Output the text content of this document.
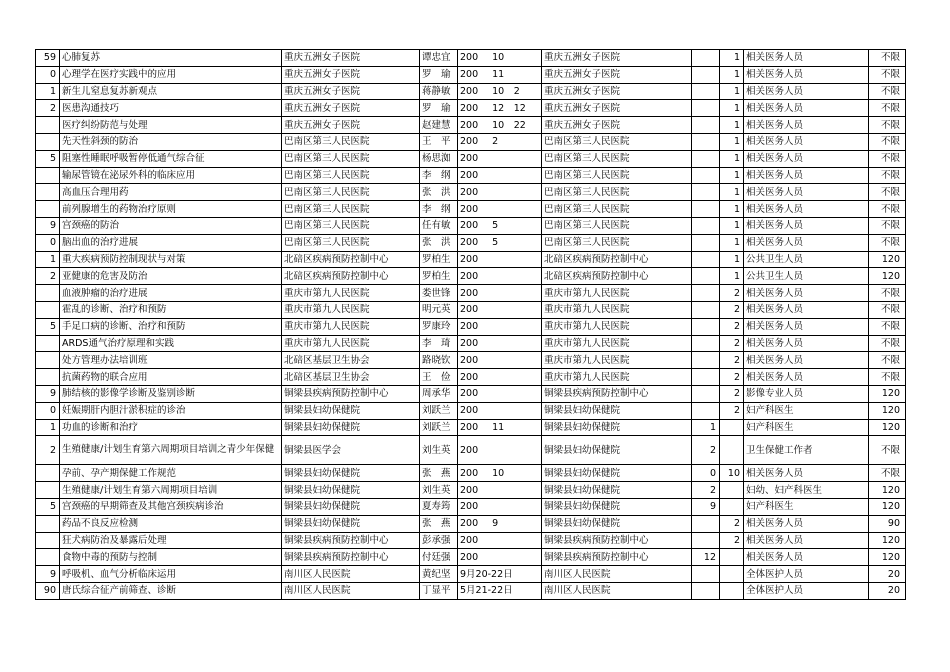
59	心肺复苏	重庆五洲女子医院	谭忠宜	200 10	重庆五洲女子医院		1	相关医务人员	不限
0	心理学在医疗实践中的应用	重庆五洲女子医院	罗　瑜	200 11	重庆五洲女子医院		1	相关医务人员	不限
1	新生儿窒息复苏新观点	重庆五洲女子医院	蒋静敏	200 10　2	重庆五洲女子医院		1	相关医务人员	不限
2	医患沟通技巧	重庆五洲女子医院	罗　瑜	200 12　12	重庆五洲女子医院		1	相关医务人员	不限
	医疗纠纷防范与处理	重庆五洲女子医院	赵建慧	200 10　22	重庆五洲女子医院		1	相关医务人员	不限
	先天性斜颈的防治	巴南区第三人民医院	王　平	200 2	巴南区第三人民医院		1	相关医务人员	不限
5	阻塞性睡眠呼吸暂停低通气综合征	巴南区第三人民医院	杨思洳	200	巴南区第三人民医院		1	相关医务人员	不限
	输尿管镜在泌尿外科的临床应用	巴南区第三人民医院	李　纲	200	巴南区第三人民医院		1	相关医务人员	不限
	高血压合理用药	巴南区第三人民医院	张　洪	200	巴南区第三人民医院		1	相关医务人员	不限
	前列腺增生的药物治疗原则	巴南区第三人民医院	李　纲	200	巴南区第三人民医院		1	相关医务人员	不限
9	宫颈癌的防治	巴南区第三人民医院	任有敏	200 5	巴南区第三人民医院		1	相关医务人员	不限
0	脑出血的治疗进展	巴南区第三人民医院	张　洪	200 5	巴南区第三人民医院		1	相关医务人员	不限
1	重大疾病预防控制现状与对策	北碚区疾病预防控制中心	罗柏生	200	北碚区疾病预防控制中心		1	公共卫生人员	120
2	亚健康的危害及防治	北碚区疾病预防控制中心	罗柏生	200	北碚区疾病预防控制中心		1	公共卫生人员	120
	血液肿瘤的治疗进展	重庆市第九人民医院	娄世锋	200	重庆市第九人民医院		2	相关医务人员	不限
	霍乱的诊断、治疗和预防	重庆市第九人民医院	明元英	200	重庆市第九人民医院		2	相关医务人员	不限
5	手足口病的诊断、治疗和预防	重庆市第九人民医院	罗康玲	200	重庆市第九人民医院		2	相关医务人员	不限
	ARDS通气治疗原理和实践	重庆市第九人民医院	李　琦	200	重庆市第九人民医院		2	相关医务人员	不限
	处方管理办法培训班	北碚区基层卫生协会	路晓钦	200	重庆市第九人民医院		2	相关医务人员	不限
	抗菌药物的联合应用	北碚区基层卫生协会	王　俭	200	重庆市第九人民医院		2	相关医务人员	不限
9	肺结核的影像学诊断及鉴别诊断	铜梁县疾病预防控制中心	周承华	200	铜梁县疾病预防控制中心		2	影像专业人员	120
0	妊娠期肝内胆汁淤积症的诊治	铜梁县妇幼保健院	刘跃兰	200	铜梁县妇幼保健院		2	妇产科医生	120
1	功血的诊断和治疗	铜梁县妇幼保健院	刘跃兰	200 11	铜梁县妇幼保健院	1		妇产科医生	120
2	生殖健康/计划生育第六周期项目培训之青少年保健	铜梁县医学会	刘生英	200	铜梁县妇幼保健院	2		卫生保健工作者	不限
	孕前、孕产期保健工作规范	铜梁县妇幼保健院	张　燕	200 10	铜梁县妇幼保健院	0	10	相关医务人员	不限
	生殖健康/计划生育第六周期项目培训	铜梁县妇幼保健院	刘生英	200	铜梁县妇幼保健院	2		妇幼、妇产科医生	120
5	宫颈癌的早期筛查及其他宫颈疾病诊治	铜梁县妇幼保健院	夏寿筠	200	铜梁县妇幼保健院	9		妇产科医生	120
	药品不良反应检测	铜梁县妇幼保健院	张　燕	200 9	铜梁县妇幼保健院		2	相关医务人员	90
	狂犬病防治及暴露后处理	铜梁县疾病预防控制中心	彭承强	200	铜梁县疾病预防控制中心		2	相关医务人员	120
	食物中毒的预防与控制	铜梁县疾病预防控制中心	付廷强	200	铜梁县疾病预防控制中心	12		相关医务人员	120
9	呼吸机、血气分析临床运用	南川区人民医院	黄纪坚	9月20-22日	南川区人民医院			全体医护人员	20
90	唐氏综合征产前筛查、诊断	南川区人民医院	丁显平	5月21-22日	南川区人民医院			全体医护人员	20
